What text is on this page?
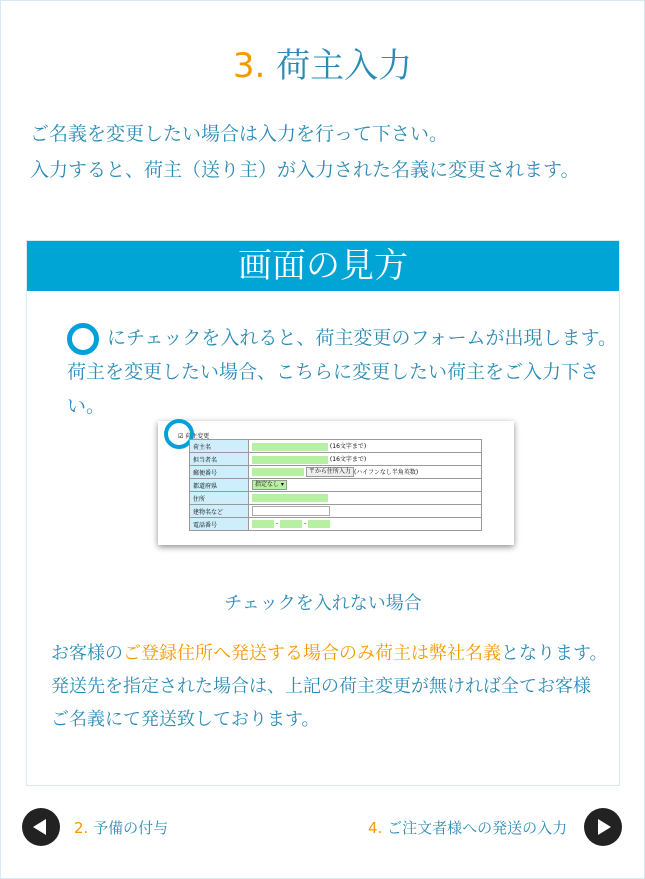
3. 荷主入力
ご名義を変更したい場合は入力を行って下さい。
入力すると、荷主（送り主）が入力された名義に変更されます。
画面の見方
にチェックを入れると、荷主変更のフォームが出現します。
荷主を変更したい場合、こちらに変更したい荷主をご入力下さい。
☑ 荷主変更
荷主名	(16文字まで)
担当者名	(16文字まで)
郵便番号	〒から住所入力 (ハイフンなし半角英数)
都道府県	指定なし ▾
住所	
建物名など	
電話番号	- -
チェックを入れない場合
お客様のご登録住所へ発送する場合のみ荷主は弊社名義となります。
発送先を指定された場合は、上記の荷主変更が無ければ全てお客様
ご名義にて発送致しております。
2. 予備の付与	4. ご注文者様への発送の入力
